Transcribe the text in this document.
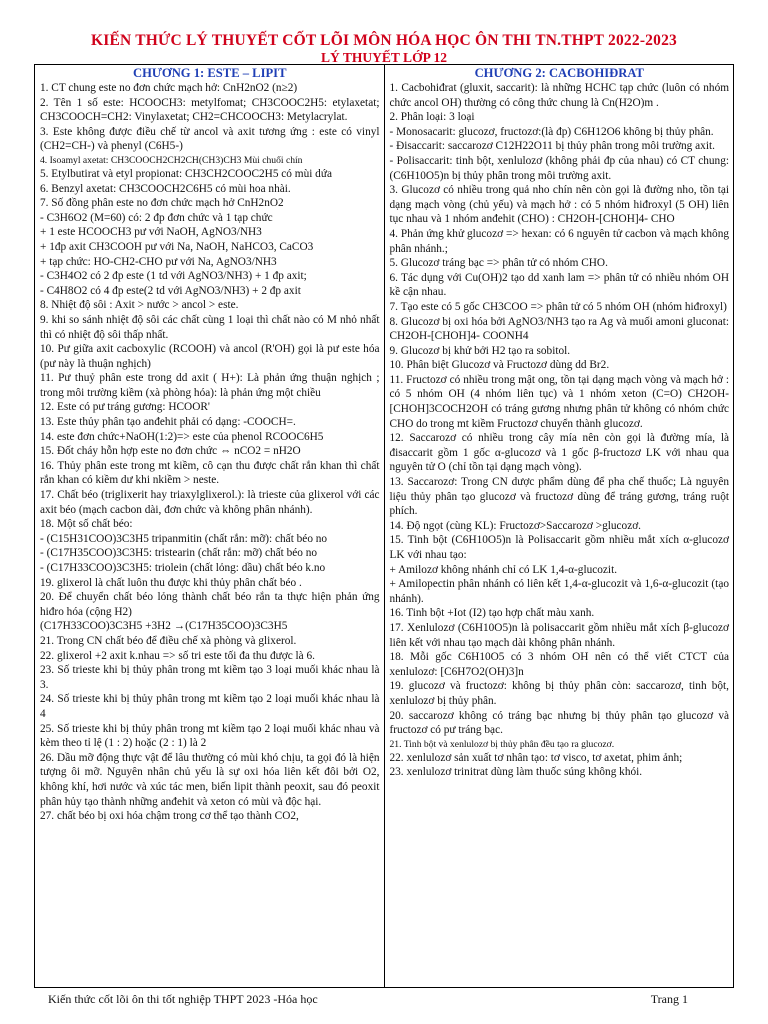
KIẾN THỨC LÝ THUYẾT CỐT LÕI MÔN HÓA HỌC ÔN THI TN.THPT 2022-2023
LÝ THUYẾT LỚP 12
CHƯƠNG 1: ESTE – LIPIT

1. CT chung este no đơn chức mạch hở: CnH2nO2 (n≥2)

2. Tên 1 số este: HCOOCH3: metylfomat; CH3COOC2H5: etylaxetat; CH3COOCH=CH2: Vinylaxetat; CH2=CHCOOCH3: Metylacrylat.

3. Este không được điều chế từ ancol và axit tương ứng : este có vinyl (CH2=CH-) và phenyl (C6H5-)

4. Isoamyl axetat: CH3COOCH2CH2CH(CH3)CH3 Mùi chuối chín

5. Etylbutirat và etyl propionat: CH3CH2COOC2H5 có mùi dứa

6. Benzyl axetat: CH3COOCH2C6H5 có mùi hoa nhài.

7. Số đồng phân este no đơn chức mạch hở CnH2nO2

- C3H6O2 (M=60) có: 2 đp đơn chức và 1 tạp chức

+ 1 este HCOOCH3 pư với NaOH, AgNO3/NH3

+ 1đp axit CH3COOH pư với Na, NaOH, NaHCO3, CaCO3

+ tạp chức: HO-CH2-CHO pư với Na, AgNO3/NH3

- C3H4O2 có 2 đp este (1 td với AgNO3/NH3) + 1 đp axit;

- C4H8O2 có 4 đp este(2 td với AgNO3/NH3) + 2 đp axit

8. Nhiệt độ sôi : Axit > nước > ancol > este.

9. khi so sánh nhiệt độ sôi các chất cùng 1 loại thì chất nào có M nhỏ nhất thì có nhiệt độ sôi thấp nhất.

10. Pư giữa axit cacboxylic (RCOOH) và ancol (R'OH) gọi là pư este hóa (pư này là thuận nghịch)

11. Pư thuỷ phân este trong dd axit ( H+): Là phản ứng thuận nghịch ; trong môi trường kiềm (xà phòng hóa): là phản ứng một chiều

12. Este có pư tráng gương: HCOOR'

13. Este thủy phân tạo anđehit phải có dạng: -COOCH=.

14. este đơn chức+NaOH(1:2)=> este của phenol RCOOC6H5

15. Đốt cháy hỗn hợp este no đơn chức ⇔ nCO2 = nH2O

16. Thủy phân este trong mt kiềm, cô cạn thu được chất rắn khan thì chất rắn khan có kiềm dư khi nkiềm > neste.

17. Chất béo (triglixerit hay triaxylglixerol.): là trieste của glixerol với các axit béo (mạch cacbon dài, đơn chức và không phân nhánh).

18. Một số chất béo:

- (C15H31COO)3C3H5 tripanmitin (chất rắn: mỡ): chất béo no

- (C17H35COO)3C3H5: tristearin (chất rắn: mỡ) chất béo no

- (C17H33COO)3C3H5: triolein (chất lỏng: dầu) chất béo k.no

19. glixerol là chất luôn thu được khi thủy phân chất béo .

20. Để chuyển chất béo lỏng thành chất béo rắn ta thực hiện phản ứng hiđro hóa (cộng H2)

(C17H33COO)3C3H5 +3H2 →(C17H35COO)3C3H5

21. Trong CN chất béo để điều chế xà phòng và glixerol.

22. glixerol +2 axit k.nhau => số tri este tối đa thu được là 6.

23. Số trieste khi bị thủy phân trong mt kiềm tạo 3 loại muối khác nhau là 3.

24. Số trieste khi bị thủy phân trong mt kiềm tạo 2 loại muối khác nhau là 4

25. Số trieste khi bị thủy phân trong mt kiềm tạo 2 loại muối khác nhau và kèm theo tỉ lệ (1 : 2) hoặc (2 : 1) là 2

26. Dầu mỡ động thực vật để lâu thường có mùi khó chịu, ta gọi đó là hiện tượng ôi mỡ. Nguyên nhân chủ yếu là sự oxi hóa liên kết đôi bởi O2, không khí, hơi nước và xúc tác men, biến lipit thành peoxit, sau đó peoxit phân hủy tạo thành những anđehit và xeton có mùi và độc hại.

27. chất béo bị oxi hóa chậm trong cơ thể tạo thành CO2,

CHƯƠNG 2: CACBOHIĐRAT

1. Cacbohiđrat (gluxit, saccarit): là những HCHC tạp chức (luôn có nhóm chức ancol OH) thường có công thức chung là Cn(H2O)m .

2. Phân loại: 3 loại

- Monosacarit: glucozơ, fructozơ:(là đp) C6H12O6 không bị thủy phân.

- Đisaccarit: saccarozơ C12H22O11 bị thủy phân trong môi trường axit.

- Polisaccarit: tinh bột, xenlulozơ (không phải đp của nhau) có CT chung: (C6H10O5)n bị thủy phân trong môi trường axit.

3. Glucozơ có nhiều trong quả nho chín nên còn gọi là đường nho, tồn tại dạng mạch vòng (chủ yếu) và mạch hở : có 5 nhóm hiđroxyl (5 OH) liên tục nhau và 1 nhóm anđehit (CHO) : CH2OH-[CHOH]4- CHO

4. Phản ứng khử glucozơ => hexan: có 6 nguyên tử cacbon và mạch không phân nhánh.;

5. Glucozơ tráng bạc => phân tử có nhóm CHO.

6. Tác dụng với Cu(OH)2 tạo dd xanh lam => phân tử có nhiều nhóm OH kề cận nhau.

7. Tạo este có 5 gốc CH3COO => phân tử có 5 nhóm OH (nhóm hiđroxyl)

8. Glucozơ bị oxi hóa bởi AgNO3/NH3 tạo ra Ag và muối amoni gluconat: CH2OH-[CHOH]4- COONH4

9. Glucozơ bị khử bởi H2 tạo ra sobitol.

10. Phân biệt Glucozơ và Fructozơ dùng dd Br2.

11. Fructozơ có nhiều trong mật ong, tồn tại dạng mạch vòng và mạch hở : có 5 nhóm OH (4 nhóm liên tục) và 1 nhóm xeton (C=O) CH2OH-[CHOH]3COCH2OH có tráng gương nhưng phân tử không có nhóm chức CHO do trong mt kiềm Fructozơ chuyển thành glucozơ.

12. Saccarozơ có nhiều trong cây mía nên còn gọi là đường mía, là đisaccarit gồm 1 gốc α-glucozơ và 1 gốc β-fructozơ LK với nhau qua nguyên tử O (chỉ tồn tại dạng mạch vòng).

13. Saccarozơ: Trong CN dược phẩm dùng để pha chế thuốc; Là nguyên liệu thủy phân tạo glucozơ và fructozơ dùng để tráng gương, tráng ruột phích.

14. Độ ngọt (cùng KL): Fructozơ>Saccarozơ >glucozơ.

15. Tinh bột (C6H10O5)n là Polisaccarit gồm nhiều mắt xích α-glucozơ LK với nhau tạo:

+ Amilozơ không nhánh chỉ có LK 1,4-α-glucozit.

+ Amilopectin phân nhánh có liên kết 1,4-α-glucozit và 1,6-α-glucozit (tạo nhánh).

16. Tinh bột +Iot (I2) tạo hợp chất màu xanh.

17. Xenlulozơ (C6H10O5)n là polisaccarit gồm nhiều mắt xích β-glucozơ liên kết với nhau tạo mạch dài không phân nhánh.

18. Mỗi gốc C6H10O5 có 3 nhóm OH nên có thể viết CTCT của xenlulozơ: [C6H7O2(OH)3]n

19. glucozơ và fructozơ: không bị thủy phân còn: saccarozơ, tinh bột, xenlulozơ bị thủy phân.

20. saccarozơ không có tráng bạc nhưng bị thủy phân tạo glucozơ và fructozơ có pư tráng bạc.

21. Tinh bột và xenlulozơ bị thủy phân đều tạo ra glucozơ.

22. xenlulozơ sản xuất tơ nhân tạo: tơ visco, tơ axetat, phim ảnh;

23. xenlulozơ trinitrat dùng làm thuốc súng không khói.

Kiến thức cốt lõi ôn thi tốt nghiệp THPT 2023 -Hóa học	Trang 1
